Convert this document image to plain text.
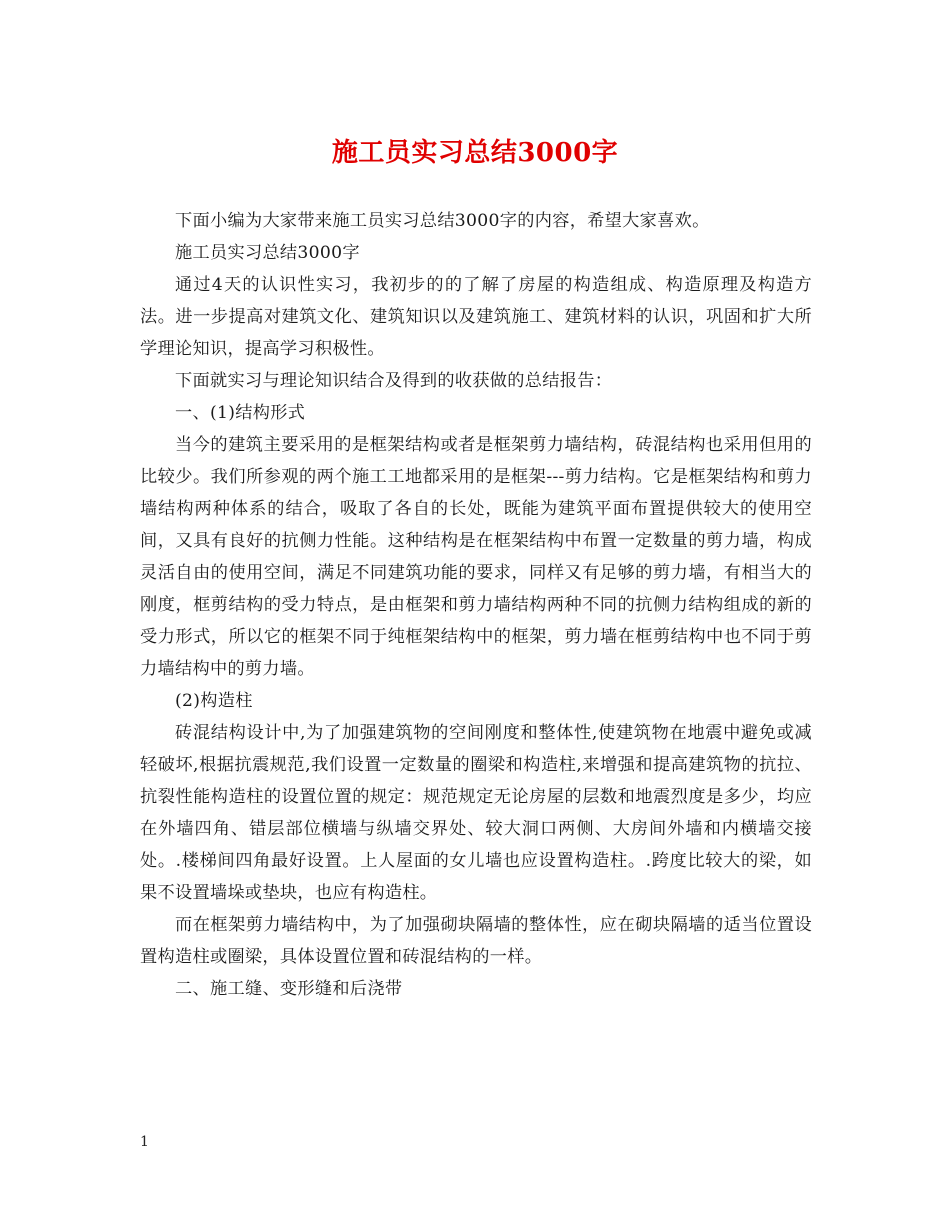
施工员实习总结3000字

下面小编为大家带来施工员实习总结3000字的内容，希望大家喜欢。

施工员实习总结3000字

通过4天的认识性实习，我初步的的了解了房屋的构造组成、构造原理及构造方法。进一步提高对建筑文化、建筑知识以及建筑施工、建筑材料的认识，巩固和扩大所学理论知识，提高学习积极性。

下面就实习与理论知识结合及得到的收获做的总结报告：

一、(1)结构形式

当今的建筑主要采用的是框架结构或者是框架剪力墙结构，砖混结构也采用但用的比较少。我们所参观的两个施工工地都采用的是框架---剪力结构。它是框架结构和剪力墙结构两种体系的结合，吸取了各自的长处，既能为建筑平面布置提供较大的使用空间，又具有良好的抗侧力性能。这种结构是在框架结构中布置一定数量的剪力墙，构成灵活自由的使用空间，满足不同建筑功能的要求，同样又有足够的剪力墙，有相当大的刚度，框剪结构的受力特点，是由框架和剪力墙结构两种不同的抗侧力结构组成的新的受力形式，所以它的框架不同于纯框架结构中的框架，剪力墙在框剪结构中也不同于剪力墙结构中的剪力墙。

(2)构造柱

砖混结构设计中,为了加强建筑物的空间刚度和整体性,使建筑物在地震中避免或减轻破坏,根据抗震规范,我们设置一定数量的圈梁和构造柱,来增强和提高建筑物的抗拉、抗裂性能构造柱的设置位置的规定：规范规定无论房屋的层数和地震烈度是多少，均应在外墙四角、错层部位横墙与纵墙交界处、较大洞口两侧、大房间外墙和内横墙交接处。.楼梯间四角最好设置。上人屋面的女儿墙也应设置构造柱。.跨度比较大的梁，如果不设置墙垛或垫块，也应有构造柱。

而在框架剪力墙结构中，为了加强砌块隔墙的整体性，应在砌块隔墙的适当位置设置构造柱或圈梁，具体设置位置和砖混结构的一样。

二、施工缝、变形缝和后浇带

1
